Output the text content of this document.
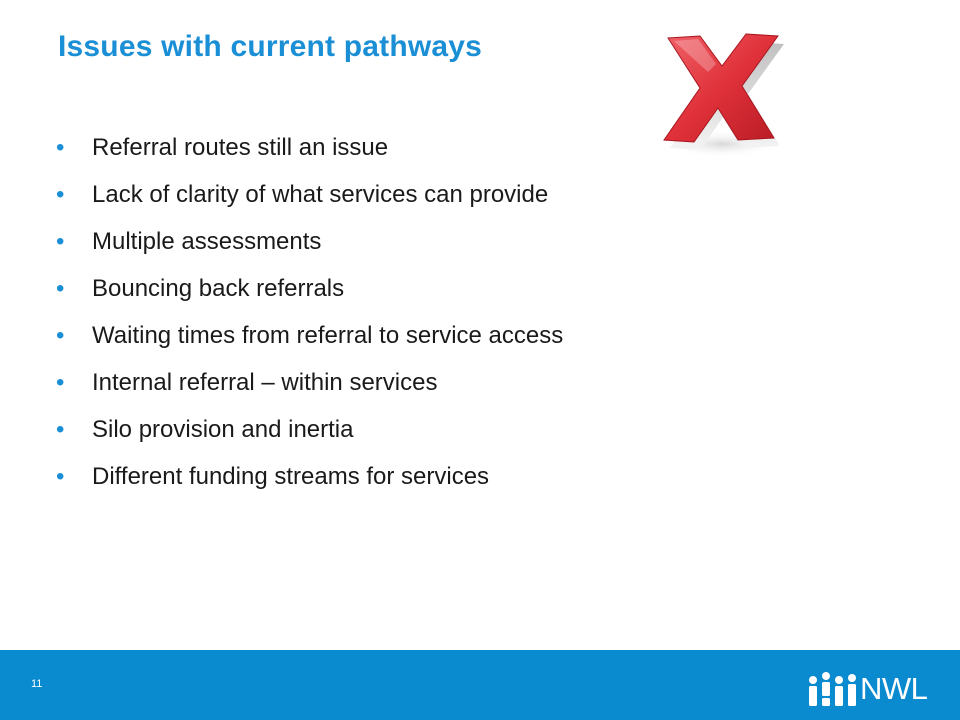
Issues with current pathways
• Referral routes still an issue
• Lack of clarity of what services can provide
• Multiple assessments
• Bouncing back referrals
• Waiting times from referral to service access
• Internal referral – within services
• Silo provision and inertia
• Different funding streams for services
11	NWL
